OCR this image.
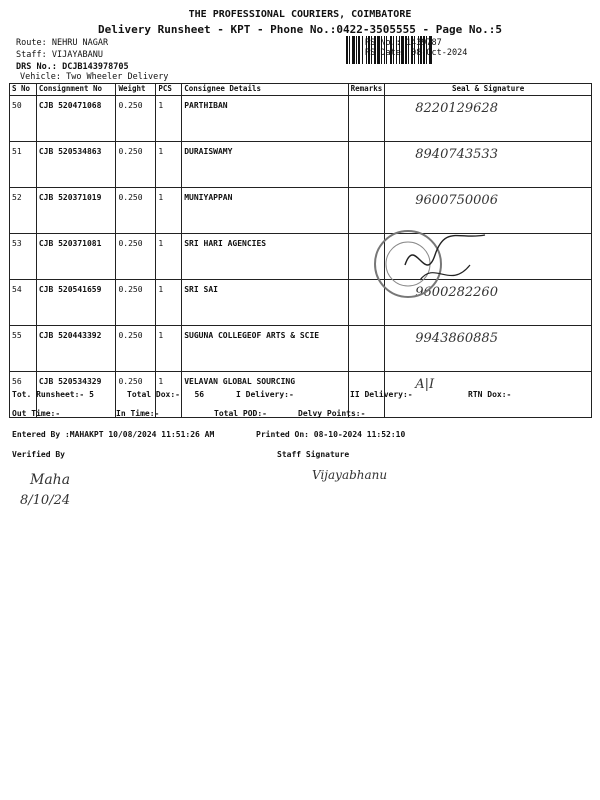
THE PROFESSIONAL COURIERS, COIMBATORE
Delivery Runsheet - KPT - Phone No.:0422-3505555 - Page No.:5
Route: NEHRU NAGAR
Staff: VIJAYABANU
DRS No.: DCJB143978705
Vehicle: Two Wheeler Delivery
RS No.: 1439787
RS Date: 08-Oct-2024
S No	Consignment No	Weight	PCS	Consignee Details	Remarks	Seal & Signature
50	CJB 520471068	0.250	1	PARTHIBAN		8220129628
51	CJB 520534863	0.250	1	DURAISWAMY		8940743533
52	CJB 520371019	0.250	1	MUNIYAPPAN		9600750006
53	CJB 520371081	0.250	1	SRI HARI AGENCIES		
54	CJB 520541659	0.250	1	SRI SAI		9600282260
55	CJB 520443392	0.250	1	SUGUNA COLLEGEOF ARTS & SCIE		9943860885
56	CJB 520534329	0.250	1	VELAVAN GLOBAL SOURCING		A|I
Tot. Runsheet:- 5	Total Dox:- 56	I Delivery:-	II Delivery:-	RTN Dox:-
Out Time:-	In Time:-	Total POD:-	Delvy Points:-
Entered By :MAHAKPT 10/08/2024 11:51:26 AM	Printed On: 08-10-2024 11:52:10
Verified By	Staff Signature
Maha
8/10/24
Vijayabhanu
